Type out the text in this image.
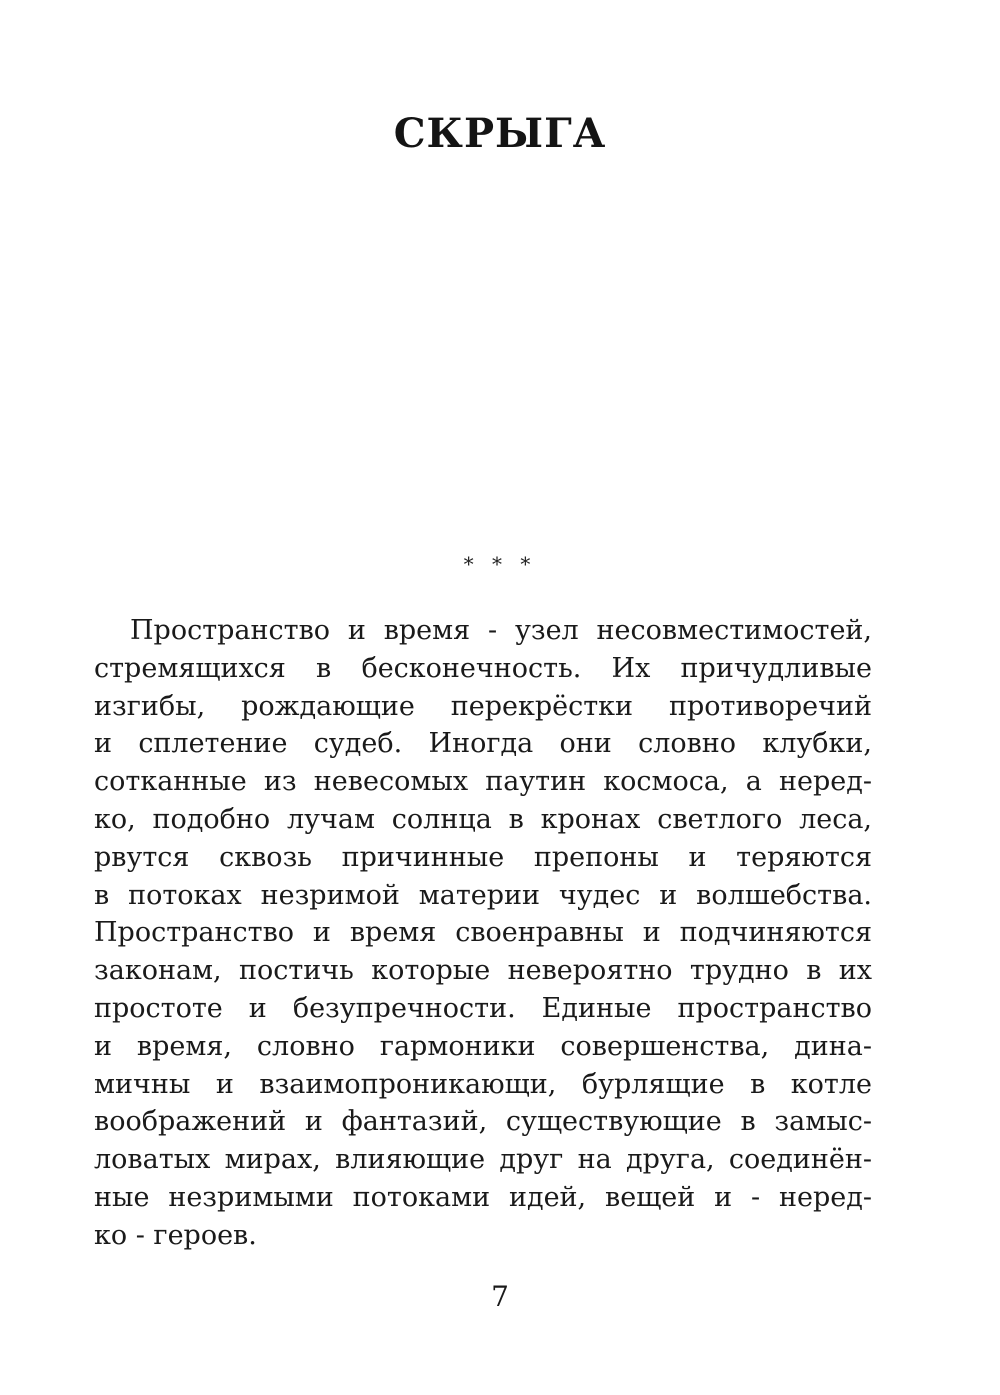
СКРЫГА
* * *

Пространство и время - узел несовместимостей,
стремящихся в бесконечность. Их причудливые
изгибы, рождающие перекрёстки противоречий
и сплетение судеб. Иногда они словно клубки,
сотканные из невесомых паутин космоса, а неред-
ко, подобно лучам солнца в кронах светлого леса,
рвутся сквозь причинные препоны и теряются
в потоках незримой материи чудес и волшебства.
Пространство и время своенравны и подчиняются
законам, постичь которые невероятно трудно в их
простоте и безупречности. Единые пространство
и время, словно гармоники совершенства, дина-
мичны и взаимопроникающи, бурлящие в котле
воображений и фантазий, существующие в замыс-
ловатых мирах, влияющие друг на друга, соединён-
ные незримыми потоками идей, вещей и - неред-
ко - героев.

7
